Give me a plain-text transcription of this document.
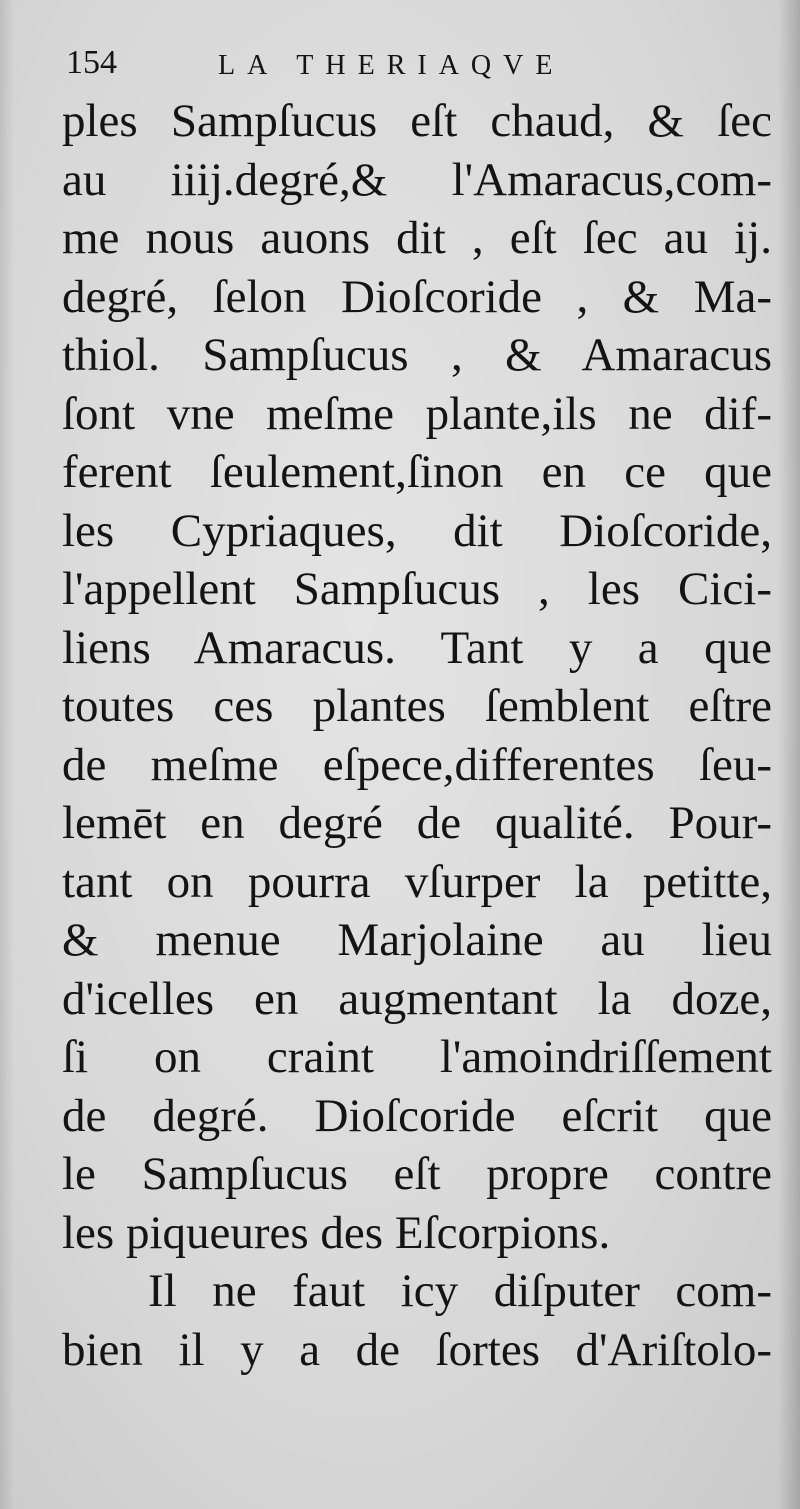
154	LA THERIAQVE
ples Sampſucus eſt chaud, & ſec
au iiij.degré,& l'Amaracus,com-
me nous auons dit , eſt ſec au ij.
degré, ſelon Dioſcoride , & Ma-
thiol. Sampſucus , & Amaracus
ſont vne meſme plante,ils ne dif-
ferent ſeulement,ſinon en ce que
les Cypriaques, dit Dioſcoride,
l'appellent Sampſucus , les Cici-
liens Amaracus. Tant y a que
toutes ces plantes ſemblent eſtre
de meſme eſpece,differentes ſeu-
lemēt en degré de qualité. Pour-
tant on pourra vſurper la petitte,
& menue Marjolaine au lieu
d'icelles en augmentant la doze,
ſi on craint l'amoindriſſement
de degré. Dioſcoride eſcrit que
le Sampſucus eſt propre contre
les piqueures des Eſcorpions.
Il ne faut icy diſputer com-
bien il y a de ſortes d'Ariſtolo-
